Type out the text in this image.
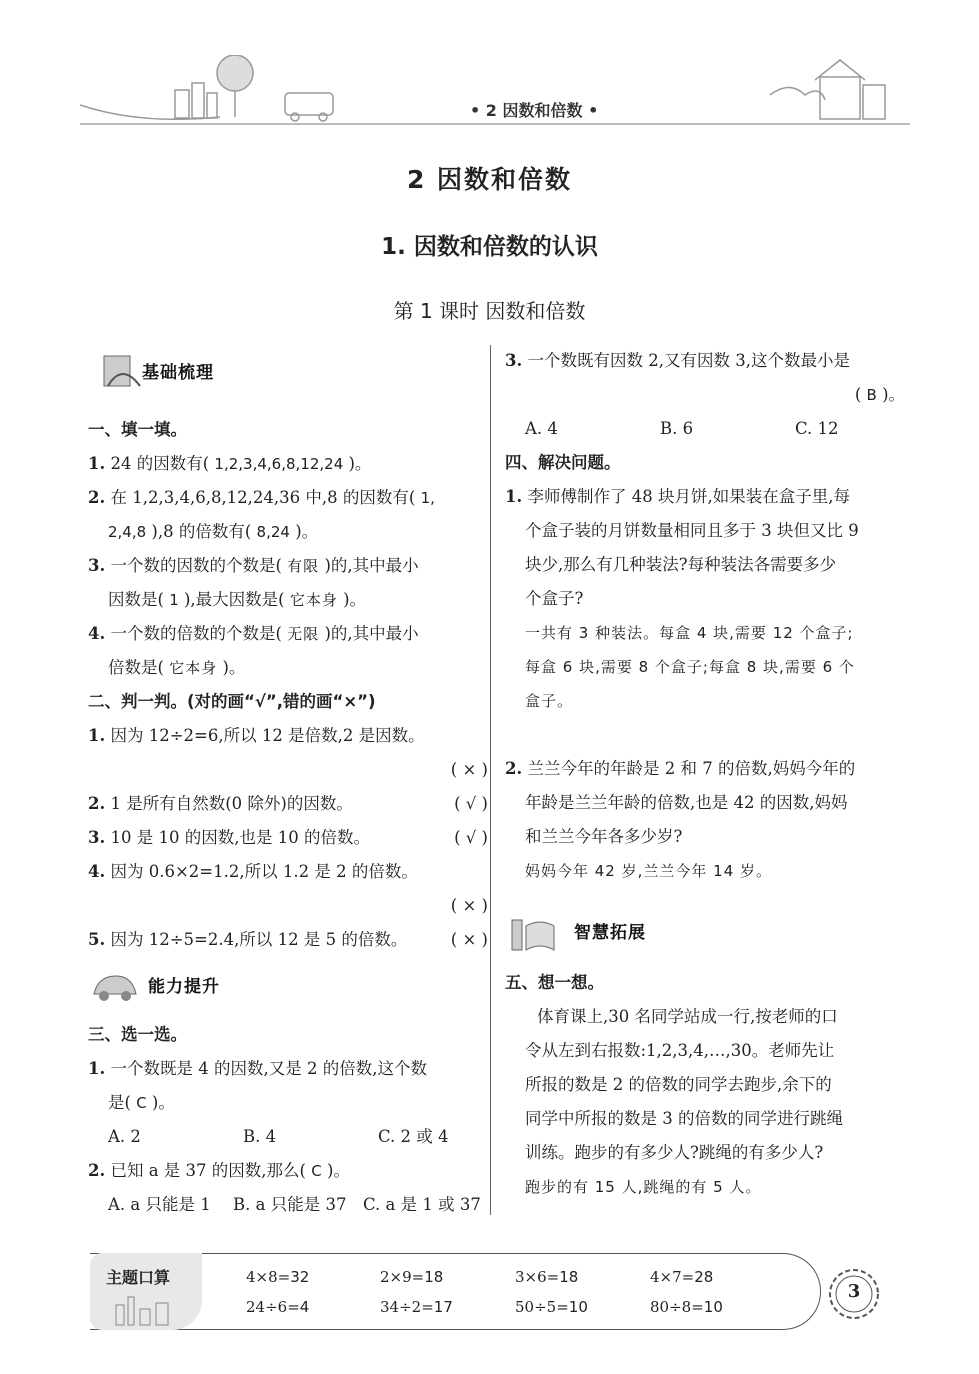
• 2 因数和倍数 •
2 因数和倍数
1. 因数和倍数的认识
第 1 课时 因数和倍数
基础梳理
一、填一填。
1. 24 的因数有( 1,2,3,4,6,8,12,24 )。
2. 在 1,2,3,4,6,8,12,24,36 中,8 的因数有( 1,
2,4,8 ),8 的倍数有( 8,24 )。
3. 一个数的因数的个数是( 有限 )的,其中最小
因数是( 1 ),最大因数是( 它本身 )。
4. 一个数的倍数的个数是( 无限 )的,其中最小
倍数是( 它本身 )。
二、判一判。(对的画“√”,错的画“×”)
1. 因为 12÷2=6,所以 12 是倍数,2 是因数。
( × )
2. 1 是所有自然数(0 除外)的因数。	( √ )
3. 10 是 10 的因数,也是 10 的倍数。	( √ )
4. 因为 0.6×2=1.2,所以 1.2 是 2 的倍数。
( × )
5. 因为 12÷5=2.4,所以 12 是 5 的倍数。	( × )
能力提升
三、选一选。
1. 一个数既是 4 的因数,又是 2 的倍数,这个数
是( C )。
A. 2	B. 4	C. 2 或 4
2. 已知 a 是 37 的因数,那么( C )。
A. a 只能是 1 B. a 只能是 37 C. a 是 1 或 37
3. 一个数既有因数 2,又有因数 3,这个数最小是
( B )。
A. 4	B. 6	C. 12
四、解决问题。
1. 李师傅制作了 48 块月饼,如果装在盒子里,每
个盒子装的月饼数量相同且多于 3 块但又比 9
块少,那么有几种装法?每种装法各需要多少
个盒子?
一共有 3 种装法。每盒 4 块,需要 12 个盒子;
每盒 6 块,需要 8 个盒子;每盒 8 块,需要 6 个
盒子。
2. 兰兰今年的年龄是 2 和 7 的倍数,妈妈今年的
年龄是兰兰年龄的倍数,也是 42 的因数,妈妈
和兰兰今年各多少岁?
妈妈今年 42 岁,兰兰今年 14 岁。
智慧拓展
五、想一想。
体育课上,30 名同学站成一行,按老师的口
令从左到右报数:1,2,3,4,…,30。老师先让
所报的数是 2 的倍数的同学去跑步,余下的
同学中所报的数是 3 的倍数的同学进行跳绳
训练。跑步的有多少人?跳绳的有多少人?
跑步的有 15 人,跳绳的有 5 人。
主题口算	4×8=32	2×9=18	3×6=18	4×7=28
24÷6=4	34÷2=17	50÷5=10	80÷8=10
3
